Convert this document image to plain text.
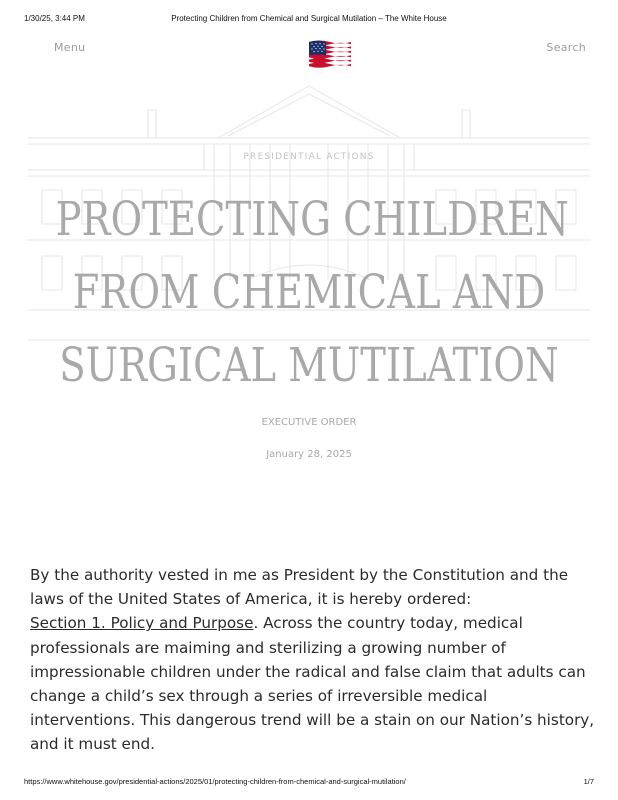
1/30/25, 3:44 PM	Protecting Children from Chemical and Surgical Mutilation – The White House
Menu	Search
PRESIDENTIAL ACTIONS
PROTECTING CHILDREN
FROM CHEMICAL AND
SURGICAL MUTILATION
EXECUTIVE ORDER
January 28, 2025

By the authority vested in me as President by the Constitution and the laws of the United States of America, it is hereby ordered:

Section 1. Policy and Purpose. Across the country today, medical professionals are maiming and sterilizing a growing number of impressionable children under the radical and false claim that adults can change a child’s sex through a series of irreversible medical interventions. This dangerous trend will be a stain on our Nation’s history, and it must end.

https://www.whitehouse.gov/presidential-actions/2025/01/protecting-children-from-chemical-and-surgical-mutilation/	1/7
